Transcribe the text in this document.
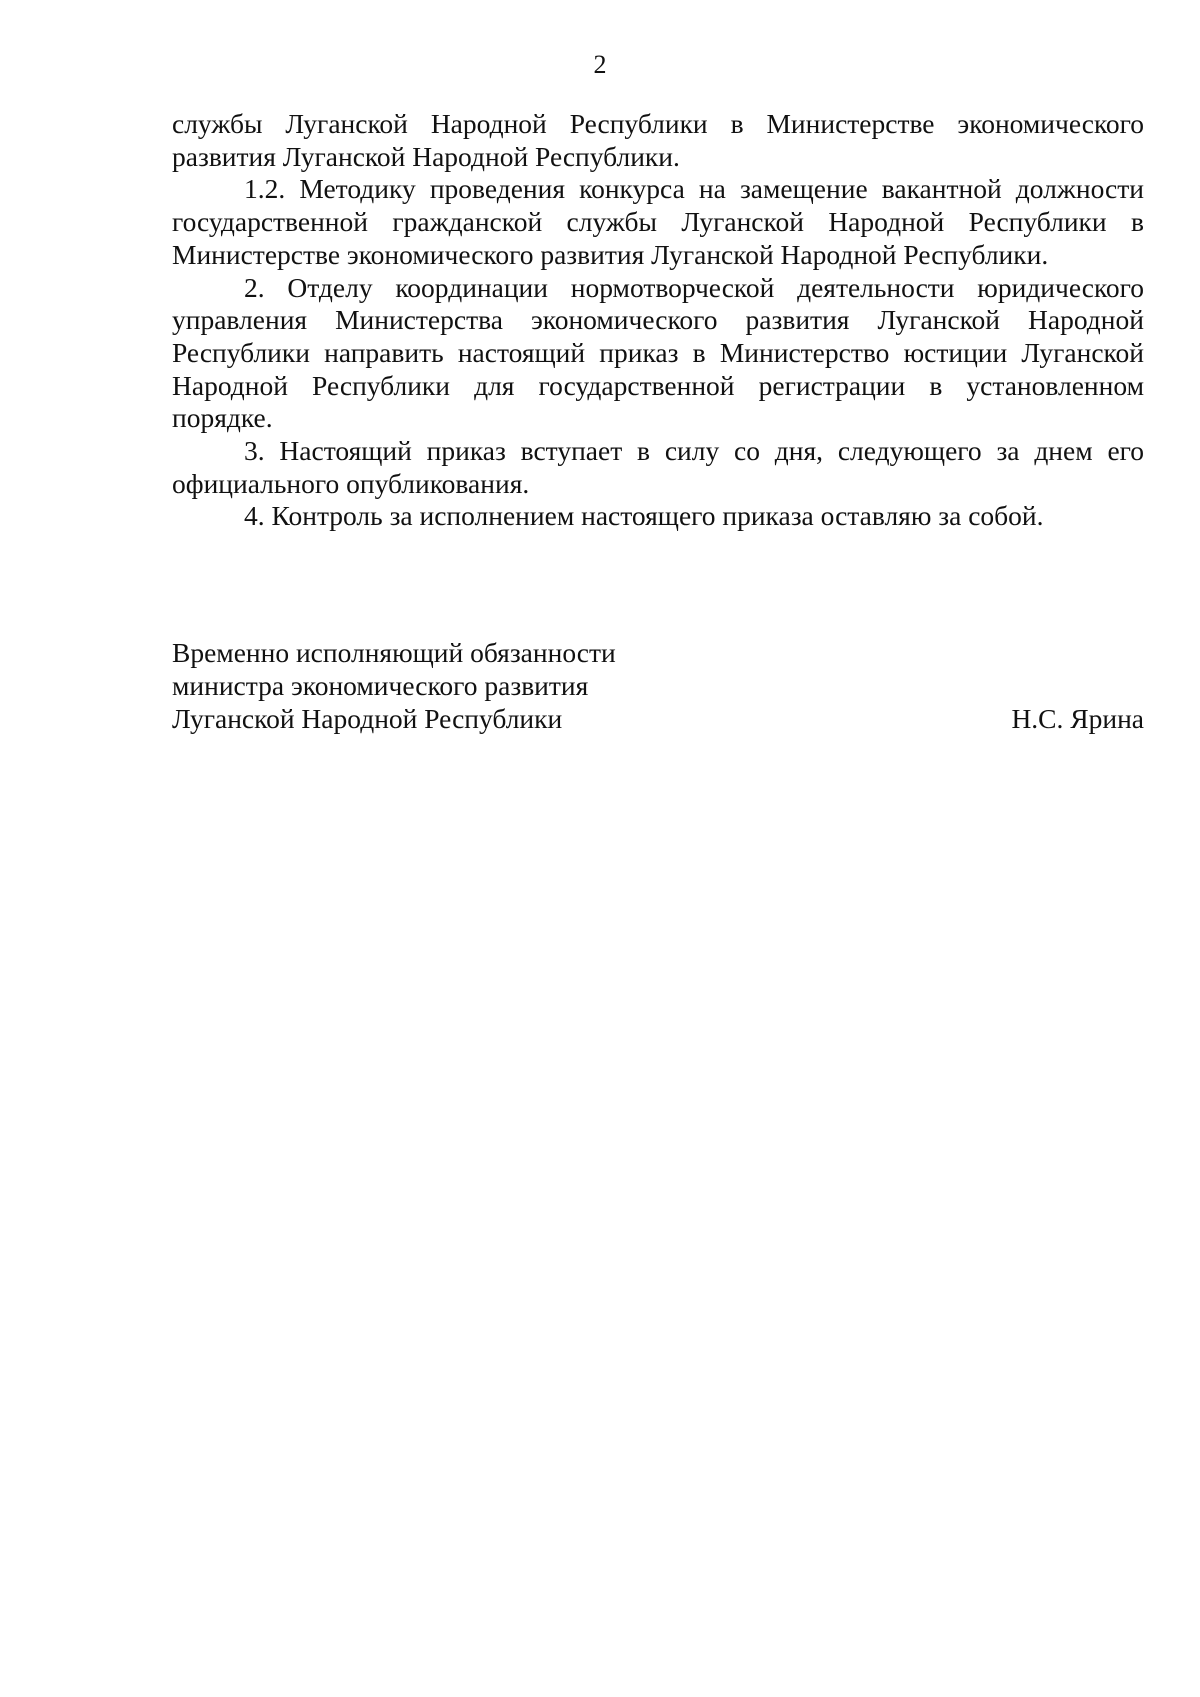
2

службы Луганской Народной Республики в Министерстве экономического развития Луганской Народной Республики.

1.2. Методику проведения конкурса на замещение вакантной должности государственной гражданской службы Луганской Народной Республики в Министерстве экономического развития Луганской Народной Республики.

2. Отделу координации нормотворческой деятельности юридического управления Министерства экономического развития Луганской Народной Республики направить настоящий приказ в Министерство юстиции Луганской Народной Республики для государственной регистрации в установленном порядке.

3. Настоящий приказ вступает в силу со дня, следующего за днем его официального опубликования.

4. Контроль за исполнением настоящего приказа оставляю за собой.

Временно исполняющий обязанности
министра экономического развития
Луганской Народной Республики	Н.С. Ярина
